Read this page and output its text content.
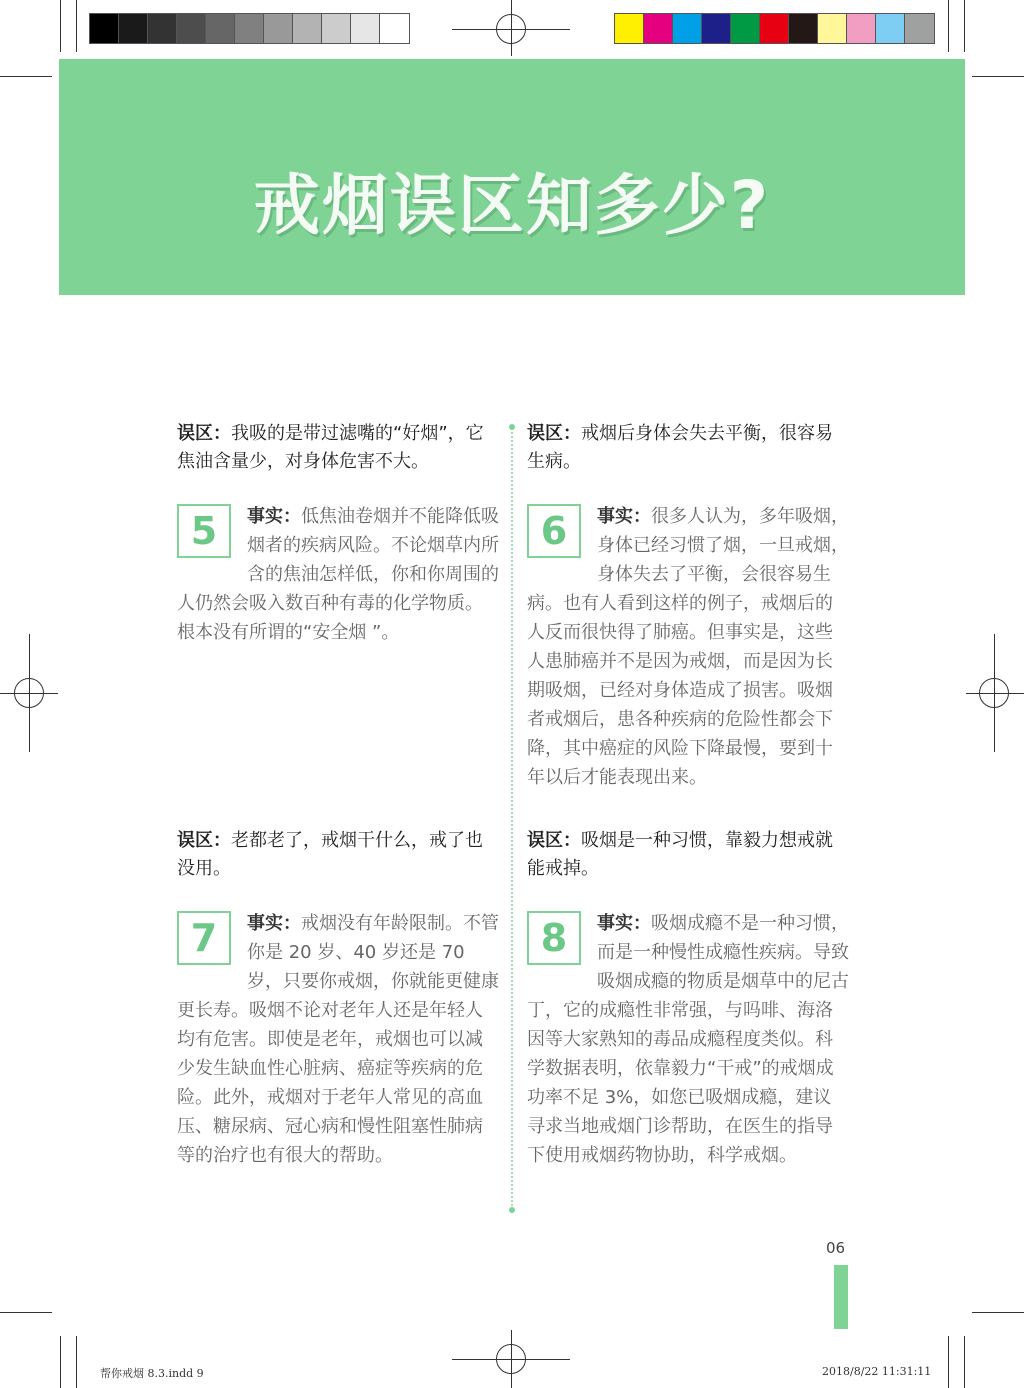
戒烟误区知多少?
误区：我吸的是带过滤嘴的“好烟”，它焦油含量少，对身体危害不大。
5	事实：低焦油卷烟并不能降低吸烟者的疾病风险。不论烟草内所含的焦油怎样低，你和你周围的人仍然会吸入数百种有毒的化学物质。根本没有所谓的“安全烟 ”。
误区：戒烟后身体会失去平衡，很容易生病。
6	事实：很多人认为，多年吸烟，身体已经习惯了烟，一旦戒烟，身体失去了平衡，会很容易生病。也有人看到这样的例子，戒烟后的人反而很快得了肺癌。但事实是，这些人患肺癌并不是因为戒烟，而是因为长期吸烟，已经对身体造成了损害。吸烟者戒烟后，患各种疾病的危险性都会下降，其中癌症的风险下降最慢，要到十年以后才能表现出来。
误区：老都老了，戒烟干什么，戒了也没用。
7	事实：戒烟没有年龄限制。不管你是 20 岁、40 岁还是 70 岁，只要你戒烟，你就能更健康更长寿。吸烟不论对老年人还是年轻人均有危害。即使是老年，戒烟也可以减少发生缺血性心脏病、癌症等疾病的危险。此外，戒烟对于老年人常见的高血压、糖尿病、冠心病和慢性阻塞性肺病等的治疗也有很大的帮助。
误区：吸烟是一种习惯，靠毅力想戒就能戒掉。
8	事实：吸烟成瘾不是一种习惯，而是一种慢性成瘾性疾病。导致吸烟成瘾的物质是烟草中的尼古丁，它的成瘾性非常强，与吗啡、海洛因等大家熟知的毒品成瘾程度类似。科学数据表明，依靠毅力“干戒”的戒烟成功率不足 3%，如您已吸烟成瘾，建议寻求当地戒烟门诊帮助，在医生的指导下使用戒烟药物协助，科学戒烟。
06
帮你戒烟 8.3.indd 9	2018/8/22 11:31:11
